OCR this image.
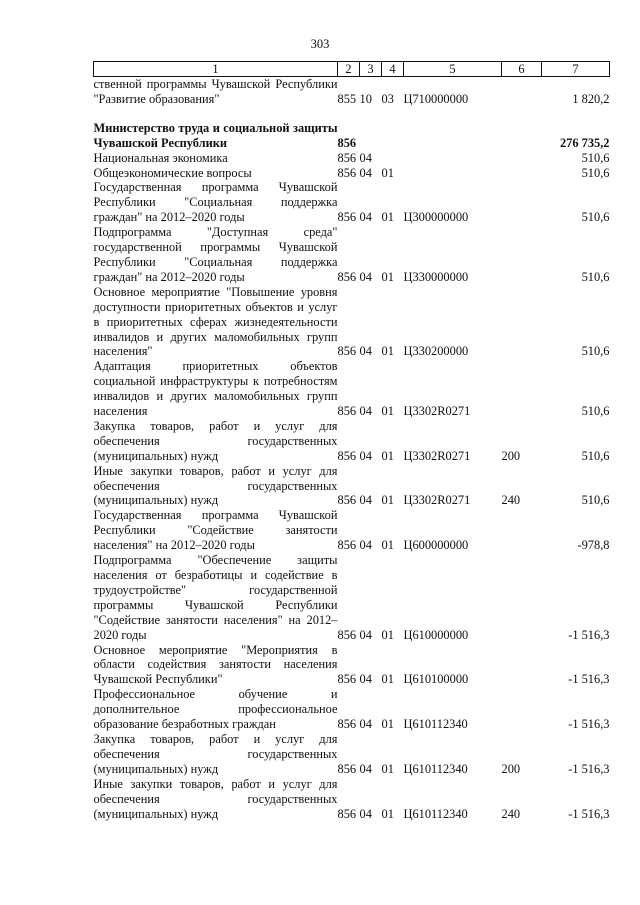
303
1	2	3	4	5	6	7
ственной программы Чувашской Республики "Развитие образования"	855	10	03	Ц710000000		1 820,2

Министерство труда и социальной защиты Чувашской Республики	856					276 735,2
Национальная экономика	856	04				510,6
Общеэкономические вопросы	856	04	01			510,6
Государственная программа Чувашской Республики "Социальная поддержка граждан" на 2012–2020 годы	856	04	01	Ц300000000		510,6
Подпрограмма "Доступная среда" государственной программы Чувашской Республики "Социальная поддержка граждан" на 2012–2020 годы	856	04	01	Ц330000000		510,6
Основное мероприятие "Повышение уровня доступности приоритетных объектов и услуг в приоритетных сферах жизнедеятельности инвалидов и других маломобильных групп населения"	856	04	01	Ц330200000		510,6
Адаптация приоритетных объектов социальной инфраструктуры к потребностям инвалидов и других маломобильных групп населения	856	04	01	Ц3302R0271		510,6
Закупка товаров, работ и услуг для обеспечения государственных (муниципальных) нужд	856	04	01	Ц3302R0271	200	510,6
Иные закупки товаров, работ и услуг для обеспечения государственных (муниципальных) нужд	856	04	01	Ц3302R0271	240	510,6
Государственная программа Чувашской Республики "Содействие занятости населения" на 2012–2020 годы	856	04	01	Ц600000000		-978,8
Подпрограмма "Обеспечение защиты населения от безработицы и содействие в трудоустройстве" государственной программы Чувашской Республики "Содействие занятости населения" на 2012–2020 годы	856	04	01	Ц610000000		-1 516,3
Основное мероприятие "Мероприятия в области содействия занятости населения Чувашской Республики"	856	04	01	Ц610100000		-1 516,3
Профессиональное обучение и дополнительное профессиональное образование безработных граждан	856	04	01	Ц610112340		-1 516,3
Закупка товаров, работ и услуг для обеспечения государственных (муниципальных) нужд	856	04	01	Ц610112340	200	-1 516,3
Иные закупки товаров, работ и услуг для обеспечения государственных (муниципальных) нужд	856	04	01	Ц610112340	240	-1 516,3
